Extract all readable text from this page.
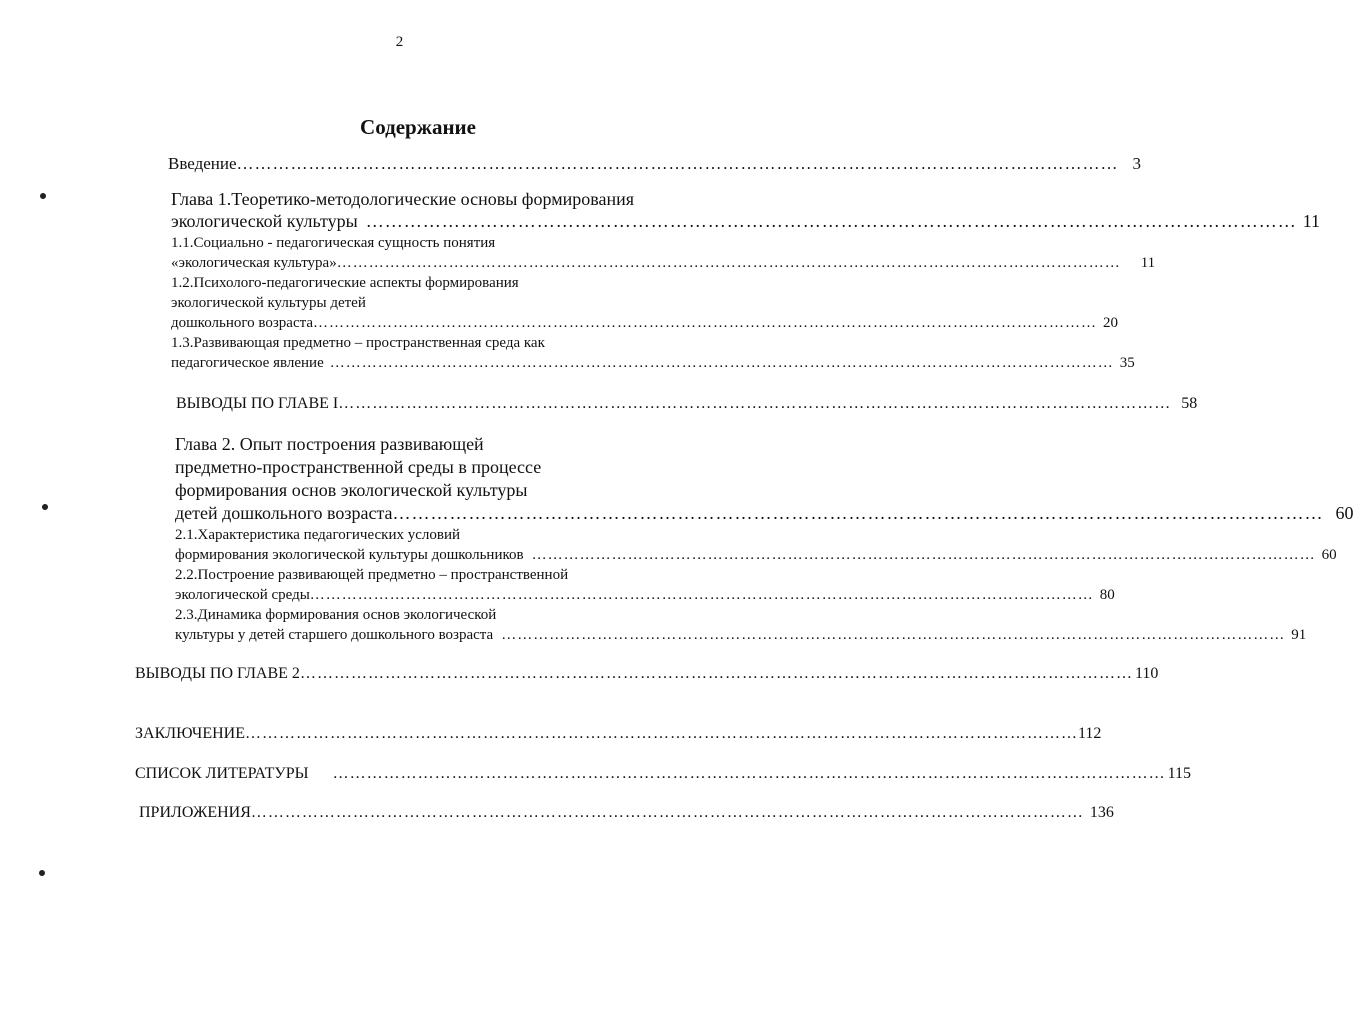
2
Содержание
Введение ………………………………………………………………………………………………………………………………… 3
Глава 1.Теоретико-методологические основы формирования
экологической культуры ………………………………………………………………………………………………………………………………… 11
1.1.Социально - педагогическая сущность понятия
«экологическая культура» …………………………………………………………………………………………………………………………………	11
1.2.Психолого-педагогические аспекты формирования
экологической культуры детей
дошкольного возраста ………………………………………………………………………………………………………………………………… 20
1.3.Развивающая предметно – пространственная среда как
педагогическое явление ………………………………………………………………………………………………………………………………… 35
ВЫВОДЫ ПО ГЛАВЕ I ………………………………………………………………………………………………………………………………… 58
Глава 2. Опыт построения развивающей
предметно-пространственной среды в процессе
формирования основ экологической культуры
детей дошкольного возраста ………………………………………………………………………………………………………………………………… 60
2.1.Характеристика педагогических условий
формирования экологической культуры дошкольников ………………………………………………………………………………………………………………………………… 60
2.2.Построение развивающей предметно – пространственной
экологической среды ………………………………………………………………………………………………………………………………… 80
2.3.Динамика формирования основ экологической
культуры у детей старшего дошкольного возраста ………………………………………………………………………………………………………………………………… 91
ВЫВОДЫ ПО ГЛАВЕ 2 ………………………………………………………………………………………………………………………………… 110
ЗАКЛЮЧЕНИЕ ………………………………………………………………………………………………………………………………… 112
СПИСОК ЛИТЕРАТУРЫ	………………………………………………………………………………………………………………………………… 115
ПРИЛОЖЕНИЯ ………………………………………………………………………………………………………………………………… 136
